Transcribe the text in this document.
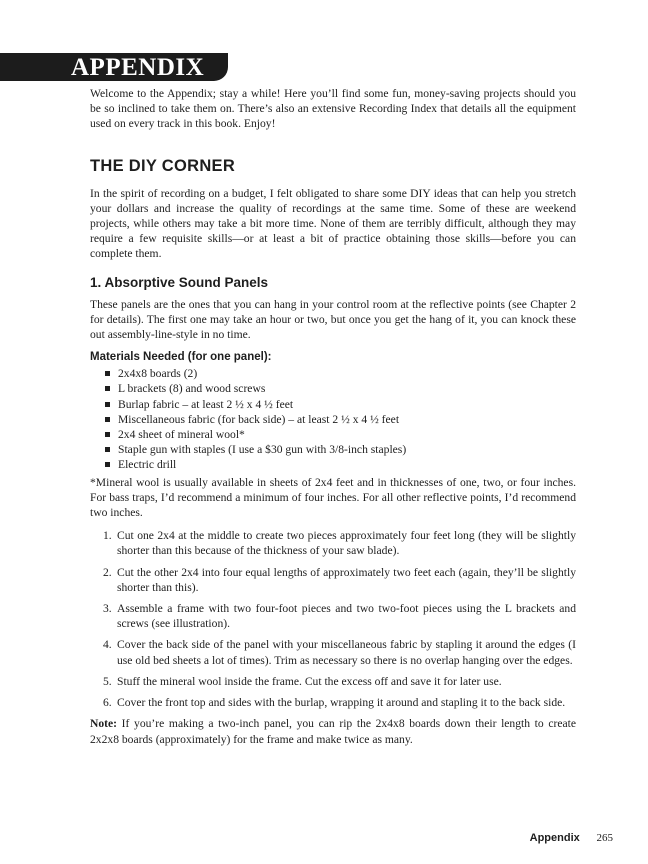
APPENDIX

Welcome to the Appendix; stay a while! Here you’ll find some fun, money-saving projects should you be so inclined to take them on. There’s also an extensive Recording Index that details all the equipment used on every track in this book. Enjoy!

THE DIY CORNER

In the spirit of recording on a budget, I felt obligated to share some DIY ideas that can help you stretch your dollars and increase the quality of recordings at the same time. Some of these are weekend projects, while others may take a bit more time. None of them are terribly difficult, although they may require a few requisite skills—or at least a bit of practice obtaining those skills—before you can complete them.

1. Absorptive Sound Panels

These panels are the ones that you can hang in your control room at the reflective points (see Chapter 2 for details). The first one may take an hour or two, but once you get the hang of it, you can knock these out assembly-line-style in no time.

Materials Needed (for one panel):
2x4x8 boards (2)
L brackets (8) and wood screws
Burlap fabric – at least 2 ½ x 4 ½ feet
Miscellaneous fabric (for back side) – at least 2 ½ x 4 ½ feet
2x4 sheet of mineral wool*
Staple gun with staples (I use a $30 gun with 3/8-inch staples)
Electric drill

*Mineral wool is usually available in sheets of 2x4 feet and in thicknesses of one, two, or four inches. For bass traps, I’d recommend a minimum of four inches. For all other reflective points, I’d recommend two inches.

1. Cut one 2x4 at the middle to create two pieces approximately four feet long (they will be slightly shorter than this because of the thickness of your saw blade).
2. Cut the other 2x4 into four equal lengths of approximately two feet each (again, they’ll be slightly shorter than this).
3. Assemble a frame with two four-foot pieces and two two-foot pieces using the L brackets and screws (see illustration).
4. Cover the back side of the panel with your miscellaneous fabric by stapling it around the edges (I use old bed sheets a lot of times). Trim as necessary so there is no overlap hanging over the edges.
5. Stuff the mineral wool inside the frame. Cut the excess off and save it for later use.
6. Cover the front top and sides with the burlap, wrapping it around and stapling it to the back side.

Note: If you’re making a two-inch panel, you can rip the 2x4x8 boards down their length to create 2x2x8 boards (approximately) for the frame and make twice as many.

Appendix 265
